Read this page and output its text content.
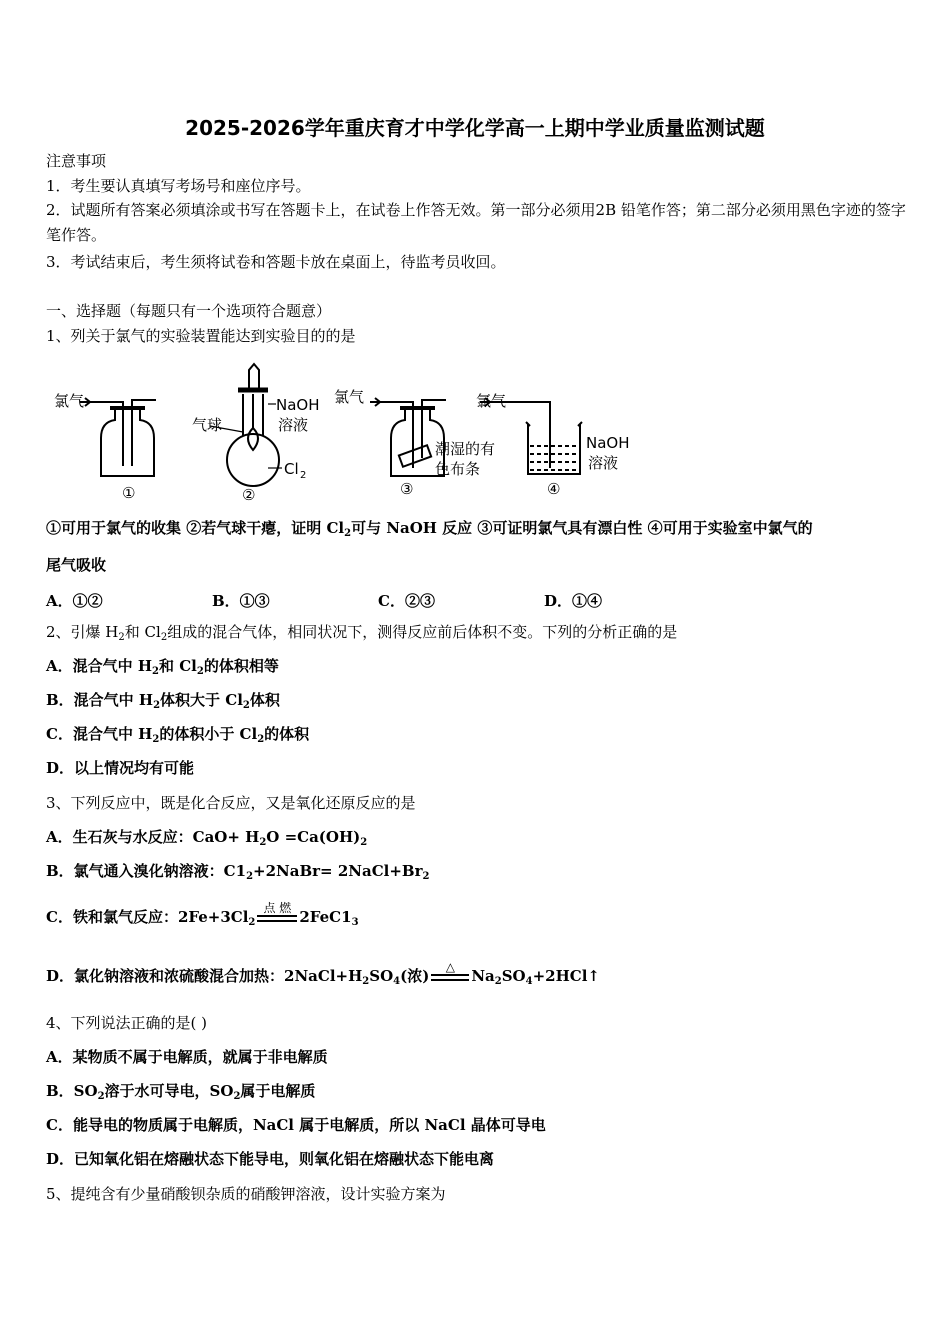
2025-2026学年重庆育才中学化学高一上期中学业质量监测试题
注意事项
1．考生要认真填写考场号和座位序号。
2．试题所有答案必须填涂或书写在答题卡上，在试卷上作答无效。第一部分必须用2B 铅笔作答；第二部分必须用黑色字迹的签字笔作答。
3．考试结束后，考生须将试卷和答题卡放在桌面上，待监考员收回。
一、选择题（每题只有一个选项符合题意）
1、列关于氯气的实验装置能达到实验目的的是
氯气
气球
NaOH
溶液
Cl 2
氯气
潮湿的有
色布条
氯气
NaOH
溶液
①	②	③	④
①可用于氯气的收集 ②若气球干瘪，证明 $Cl_2$可与 NaOH 反应 ③可证明氯气具有漂白性 ④可用于实验室中氯气的
尾气吸收
A．①②	B．①③	C．②③	D．①④
2、引爆 $H_2$和 $Cl_2$组成的混合气体，相同状况下，测得反应前后体积不变。下列的分析正确的是
A．混合气中 $H_2$和 $Cl_2$的体积相等
B．混合气中 $H_2$体积大于 $Cl_2$体积
C．混合气中 $H_2$的体积小于 $Cl_2$的体积
D．以上情况均有可能
3、下列反应中，既是化合反应，又是氧化还原反应的是
A．生石灰与水反应：$CaO+ H_2O =Ca(OH)_2$
B．氯气通入溴化钠溶液：$C1_2+2NaBr=$ $2NaCl+Br_2$
C．铁和氯气反应：$2Fe+3Cl_2$
点 燃
$2FeC1_3$
D．氯化钠溶液和浓硫酸混合加热：$2NaCl+H_2SO_4$(浓)
△
$Na_2SO_4+2HCl↑$
4、下列说法正确的是( )
A．某物质不属于电解质，就属于非电解质
B．$SO_2$溶于水可导电，$SO_2$属于电解质
C．能导电的物质属于电解质，NaCl 属于电解质，所以 NaCl 晶体可导电
D．已知氧化铝在熔融状态下能导电，则氧化铝在熔融状态下能电离
5、提纯含有少量硝酸钡杂质的硝酸钾溶液，设计实验方案为
